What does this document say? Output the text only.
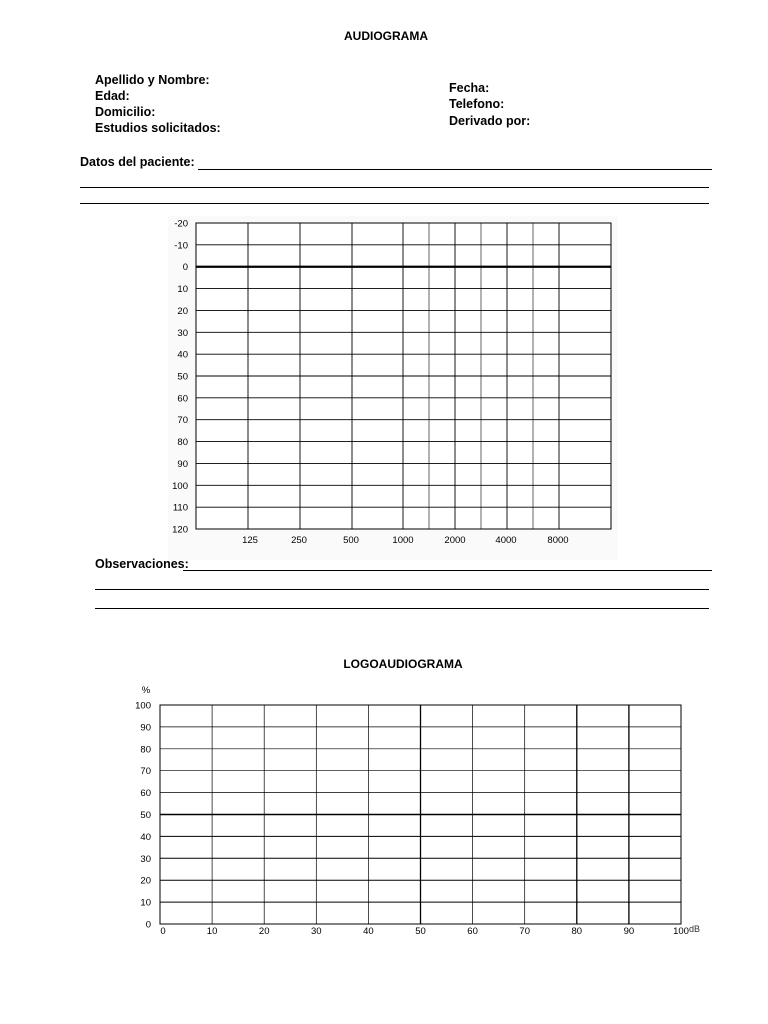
AUDIOGRAMA
Apellido y Nombre:
Edad:
Domicilio:
Estudios solicitados:
Fecha:
Telefono:
Derivado por:
Datos del paciente:
-20
-10
0
10
20
30
40
50
60
70
80
90
100
110
120
125	250	500	1000	2000	4000	8000
Observaciones:
LOGOAUDIOGRAMA
100
90
80
70
60
50
40
30
20
10
0
0	10	20	30	40	50	60	70	80	90	100
%
dB
